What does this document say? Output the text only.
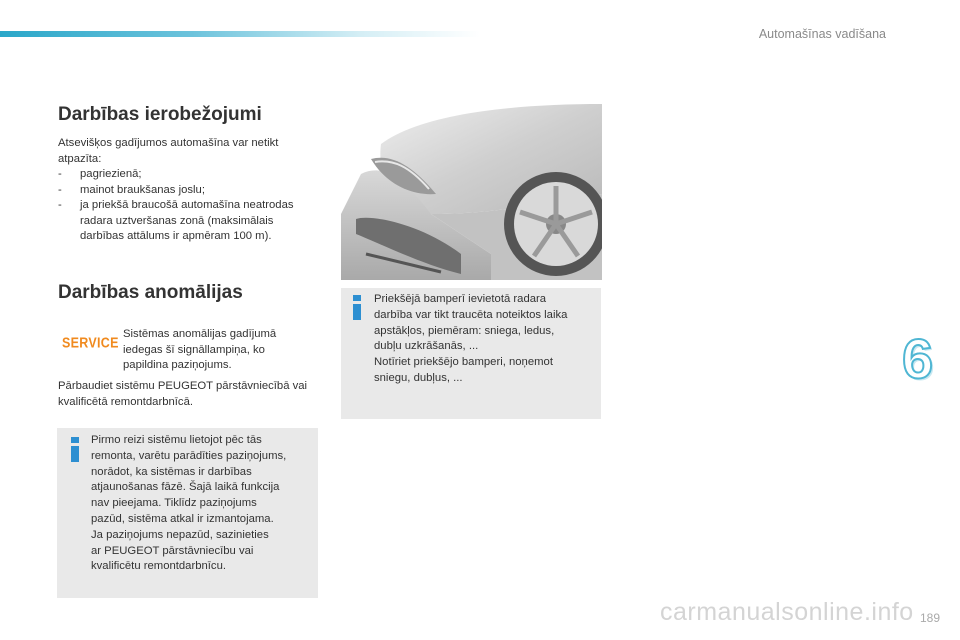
Automašīnas vadīšana
Darbības ierobežojumi

Atsevišķos gadījumos automašīna var netikt atpazīta:

- pagriezienā;
- mainot braukšanas joslu;
- ja priekšā braucošā automašīna neatrodas radara uztveršanas zonā (maksimālais darbības attālums ir apmēram 100 m).
Darbības anomālijas
SERVICE

Sistēmas anomālijas gadījumā iedegas šī signāllampiņa, ko papildina paziņojums.

Pārbaudiet sistēmu PEUGEOT pārstāvniecībā vai kvalificētā remontdarbnīcā.

Pirmo reizi sistēmu lietojot pēc tās
remonta, varētu parādīties paziņojums,
norādot, ka sistēmas ir darbības
atjaunošanas fāzē. Šajā laikā funkcija
nav pieejama. Tiklīdz paziņojums
pazūd, sistēma atkal ir izmantojama.
Ja paziņojums nepazūd, sazinieties
ar PEUGEOT pārstāvniecību vai
kvalificētu remontdarbnīcu.

Priekšējā bamperī ievietotā radara
darbība var tikt traucēta noteiktos laika
apstākļos, piemēram: sniega, ledus,
dubļu uzkrāšanās, ...
Notīriet priekšējo bamperi, noņemot
sniegu, dubļus, ...	6
carmanualsonline.info 189
